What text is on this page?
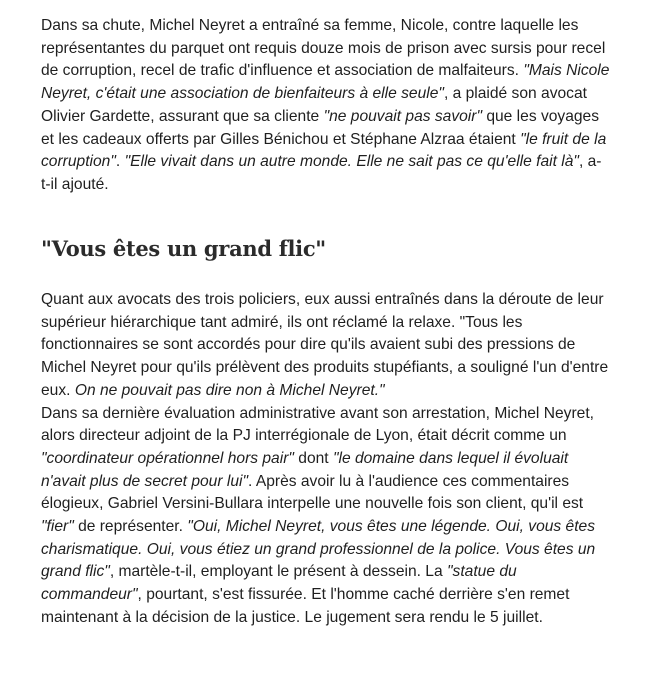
Dans sa chute, Michel Neyret a entraîné sa femme, Nicole, contre laquelle les représentantes du parquet ont requis douze mois de prison avec sursis pour recel de corruption, recel de trafic d'influence et association de malfaiteurs. "Mais Nicole Neyret, c'était une association de bienfaiteurs à elle seule", a plaidé son avocat Olivier Gardette, assurant que sa cliente "ne pouvait pas savoir" que les voyages et les cadeaux offerts par Gilles Bénichou et Stéphane Alzraa étaient "le fruit de la corruption". "Elle vivait dans un autre monde. Elle ne sait pas ce qu'elle fait là", a-t-il ajouté.

"Vous êtes un grand flic"

Quant aux avocats des trois policiers, eux aussi entraînés dans la déroute de leur supérieur hiérarchique tant admiré, ils ont réclamé la relaxe. "Tous les fonctionnaires se sont accordés pour dire qu'ils avaient subi des pressions de Michel Neyret pour qu'ils prélèvent des produits stupéfiants, a souligné l'un d'entre eux. On ne pouvait pas dire non à Michel Neyret."
Dans sa dernière évaluation administrative avant son arrestation, Michel Neyret, alors directeur adjoint de la PJ interrégionale de Lyon, était décrit comme un "coordinateur opérationnel hors pair" dont "le domaine dans lequel il évoluait n'avait plus de secret pour lui". Après avoir lu à l'audience ces commentaires élogieux, Gabriel Versini-Bullara interpelle une nouvelle fois son client, qu'il est "fier" de représenter. "Oui, Michel Neyret, vous êtes une légende. Oui, vous êtes charismatique. Oui, vous étiez un grand professionnel de la police. Vous êtes un grand flic", martèle-t-il, employant le présent à dessein. La "statue du commandeur", pourtant, s'est fissurée. Et l'homme caché derrière s'en remet maintenant à la décision de la justice. Le jugement sera rendu le 5 juillet.
